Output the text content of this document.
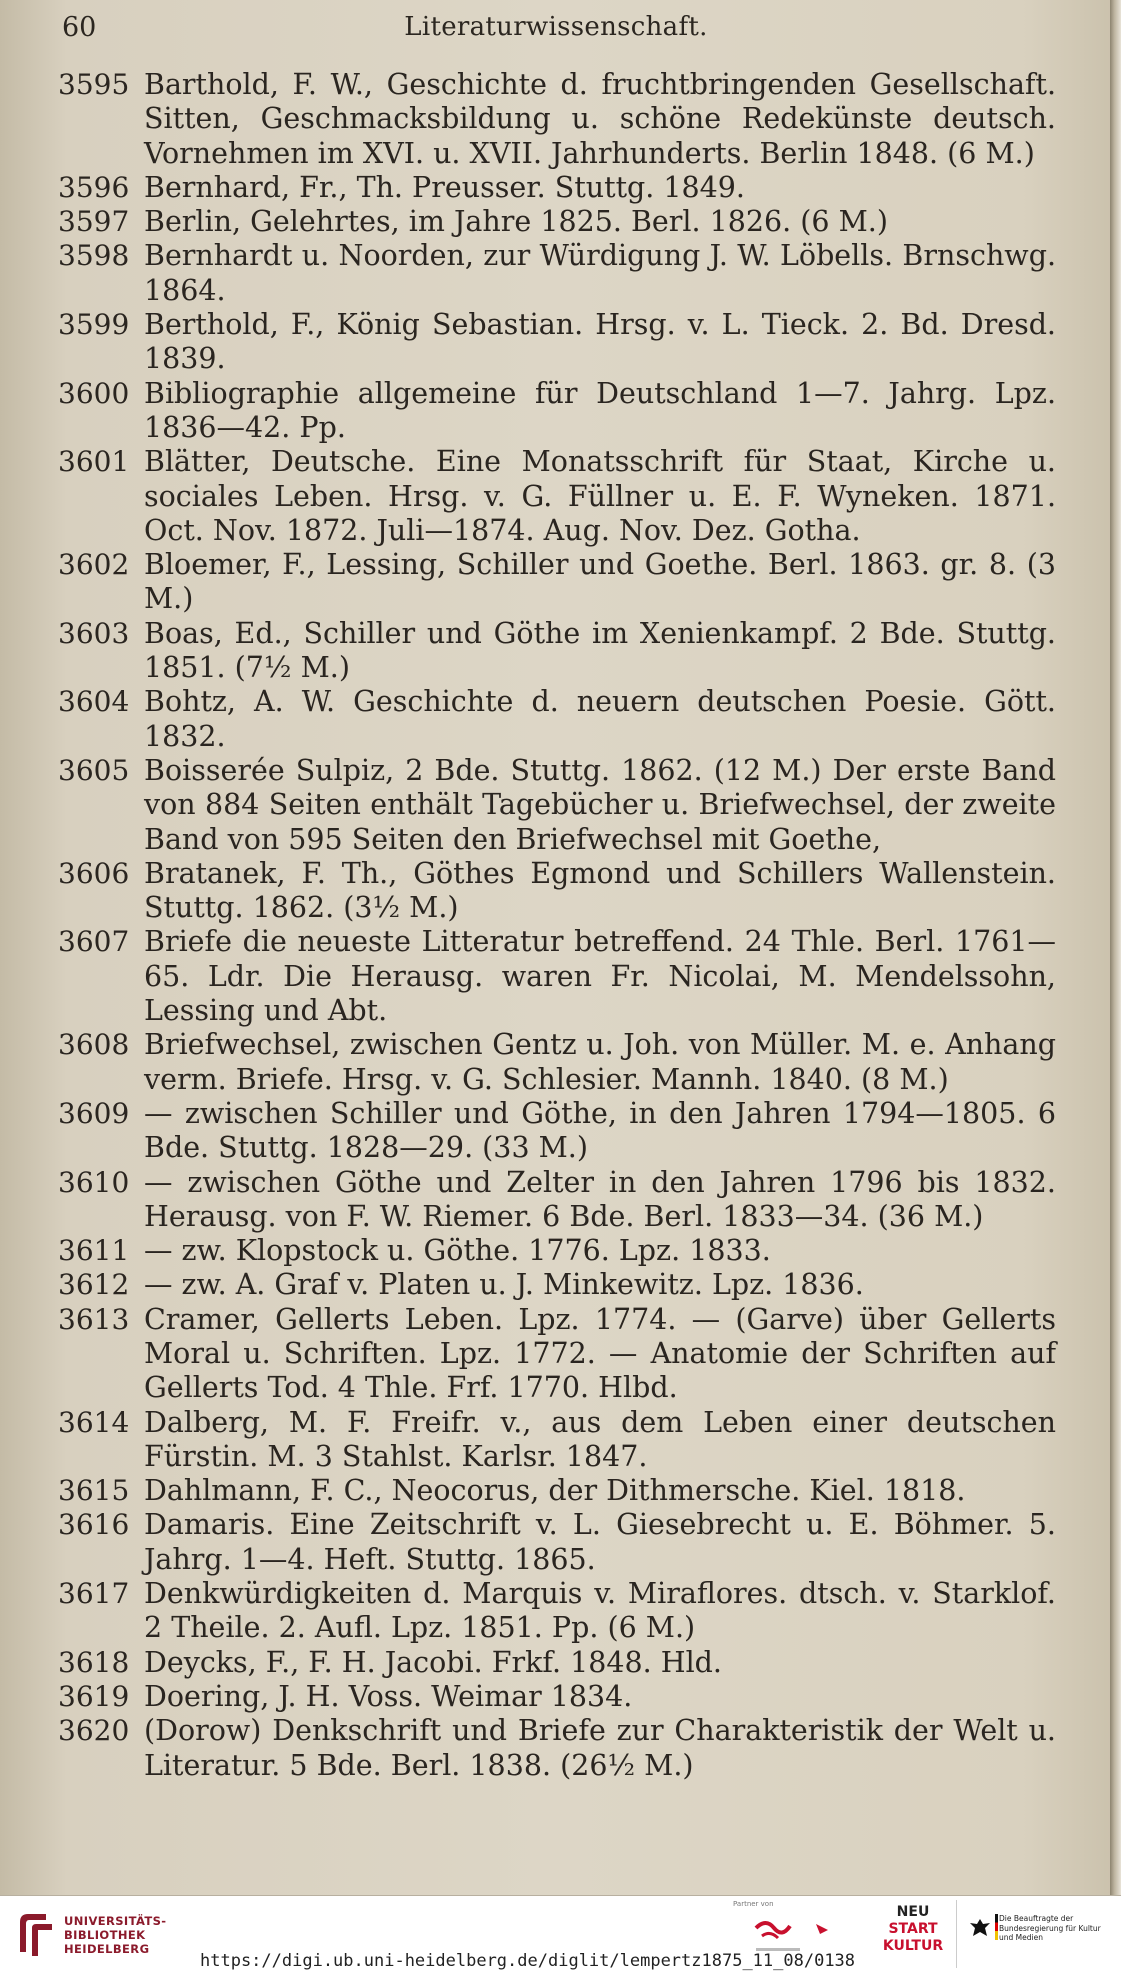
60	Literaturwissenschaft.
3595 Barthold, F. W., Geschichte d. fruchtbringenden Gesellschaft. Sitten, Geschmacksbildung u. schöne Redekünste deutsch. Vornehmen im XVI. u. XVII. Jahrhunderts. Berlin 1848. (6 M.)
3596 Bernhard, Fr., Th. Preusser. Stuttg. 1849.
3597 Berlin, Gelehrtes, im Jahre 1825. Berl. 1826. (6 M.)
3598 Bernhardt u. Noorden, zur Würdigung J. W. Löbells. Brnschwg. 1864.
3599 Berthold, F., König Sebastian. Hrsg. v. L. Tieck. 2. Bd. Dresd. 1839.
3600 Bibliographie allgemeine für Deutschland 1—7. Jahrg. Lpz. 1836—42. Pp.
3601 Blätter, Deutsche. Eine Monatsschrift für Staat, Kirche u. sociales Leben. Hrsg. v. G. Füllner u. E. F. Wyneken. 1871. Oct. Nov. 1872. Juli—1874. Aug. Nov. Dez. Gotha.
3602 Bloemer, F., Lessing, Schiller und Goethe. Berl. 1863. gr. 8. (3 M.)
3603 Boas, Ed., Schiller und Göthe im Xenienkampf. 2 Bde. Stuttg. 1851. (7½ M.)
3604 Bohtz, A. W. Geschichte d. neuern deutschen Poesie. Gött. 1832.
3605 Boisserée Sulpiz, 2 Bde. Stuttg. 1862. (12 M.) Der erste Band von 884 Seiten enthält Tagebücher u. Briefwechsel, der zweite Band von 595 Seiten den Briefwechsel mit Goethe,
3606 Bratanek, F. Th., Göthes Egmond und Schillers Wallenstein. Stuttg. 1862. (3½ M.)
3607 Briefe die neueste Litteratur betreffend. 24 Thle. Berl. 1761—65. Ldr. Die Herausg. waren Fr. Nicolai, M. Mendelssohn, Lessing und Abt.
3608 Briefwechsel, zwischen Gentz u. Joh. von Müller. M. e. Anhang verm. Briefe. Hrsg. v. G. Schlesier. Mannh. 1840. (8 M.)
3609 — zwischen Schiller und Göthe, in den Jahren 1794—1805. 6 Bde. Stuttg. 1828—29. (33 M.)
3610 — zwischen Göthe und Zelter in den Jahren 1796 bis 1832. Herausg. von F. W. Riemer. 6 Bde. Berl. 1833—34. (36 M.)
3611 — zw. Klopstock u. Göthe. 1776. Lpz. 1833.
3612 — zw. A. Graf v. Platen u. J. Minkewitz. Lpz. 1836.
3613 Cramer, Gellerts Leben. Lpz. 1774. — (Garve) über Gellerts Moral u. Schriften. Lpz. 1772. — Anatomie der Schriften auf Gellerts Tod. 4 Thle. Frf. 1770. Hlbd.
3614 Dalberg, M. F. Freifr. v., aus dem Leben einer deutschen Fürstin. M. 3 Stahlst. Karlsr. 1847.
3615 Dahlmann, F. C., Neocorus, der Dithmersche. Kiel. 1818.
3616 Damaris. Eine Zeitschrift v. L. Giesebrecht u. E. Böhmer. 5. Jahrg. 1—4. Heft. Stuttg. 1865.
3617 Denkwürdigkeiten d. Marquis v. Miraflores. dtsch. v. Starklof. 2 Theile. 2. Aufl. Lpz. 1851. Pp. (6 M.)
3618 Deycks, F., F. H. Jacobi. Frkf. 1848. Hld.
3619 Doering, J. H. Voss. Weimar 1834.
3620 (Dorow) Denkschrift und Briefe zur Charakteristik der Welt u. Literatur. 5 Bde. Berl. 1838. (26½ M.)
UNIVERSITÄTS-
BIBLIOTHEK
HEIDELBERG
https://digi.ub.uni-heidelberg.de/diglit/lempertz1875_11_08/0138
Partner von	NEU
START
KULTUR
Die Beauftragte der Bundesregierung für Kultur und Medien
